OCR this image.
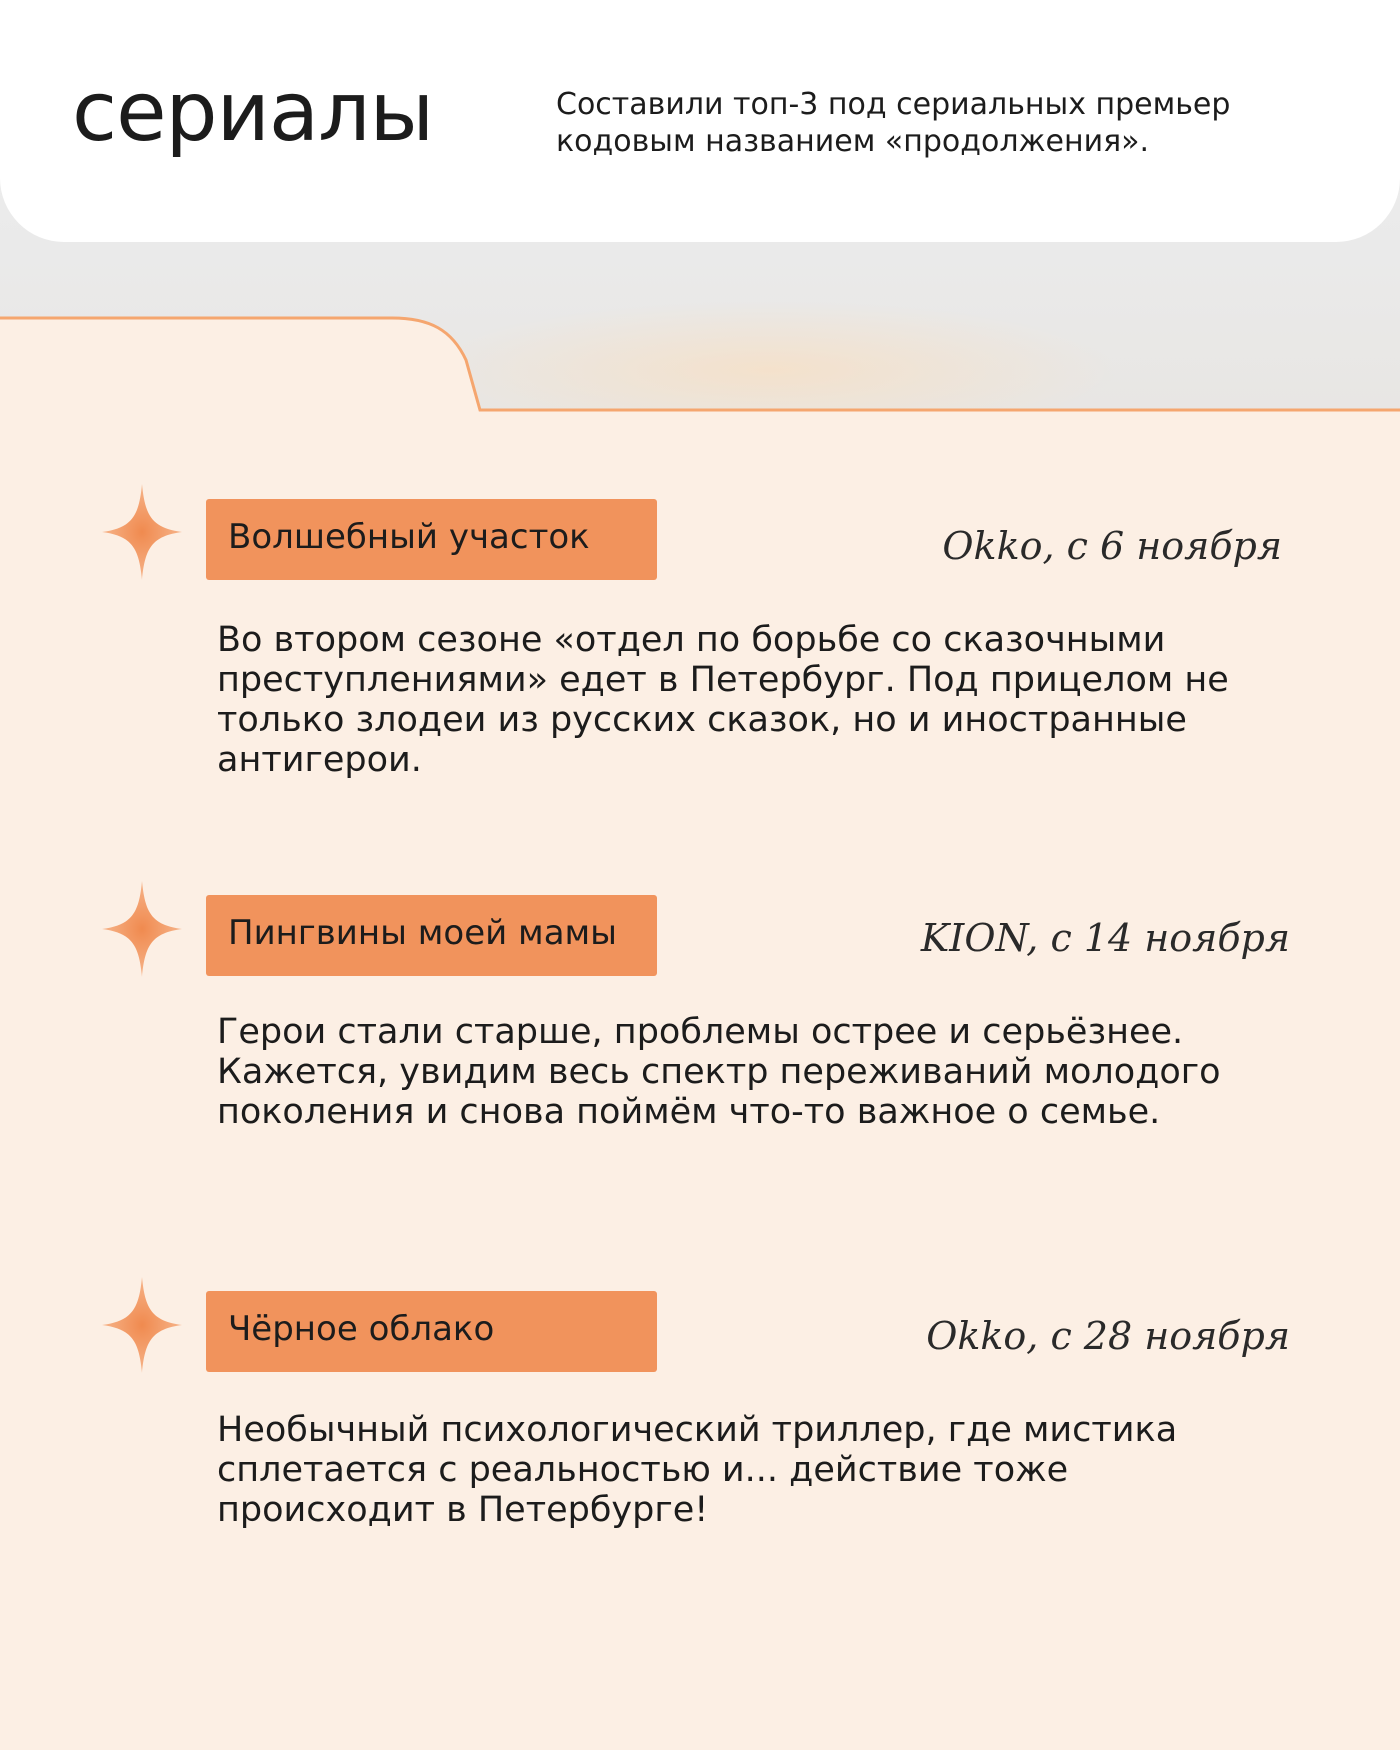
сериалы	Составили топ-3 под сериальных премьер кодовым названием «продолжения».
Волшебный участок	Okko, с 6 ноября
Во втором сезоне «отдел по борьбе со сказочными преступлениями» едет в Петербург. Под прицелом не только злодеи из русских сказок, но и иностранные антигерои.
Пингвины моей мамы	KION, с 14 ноября
Герои стали старше, проблемы острее и серьёзнее. Кажется, увидим весь спектр переживаний молодого поколения и снова поймём что-то важное о семье.
Чёрное облако	Okko, с 28 ноября
Необычный психологический триллер, где мистика сплетается с реальностью и... действие тоже происходит в Петербурге!
